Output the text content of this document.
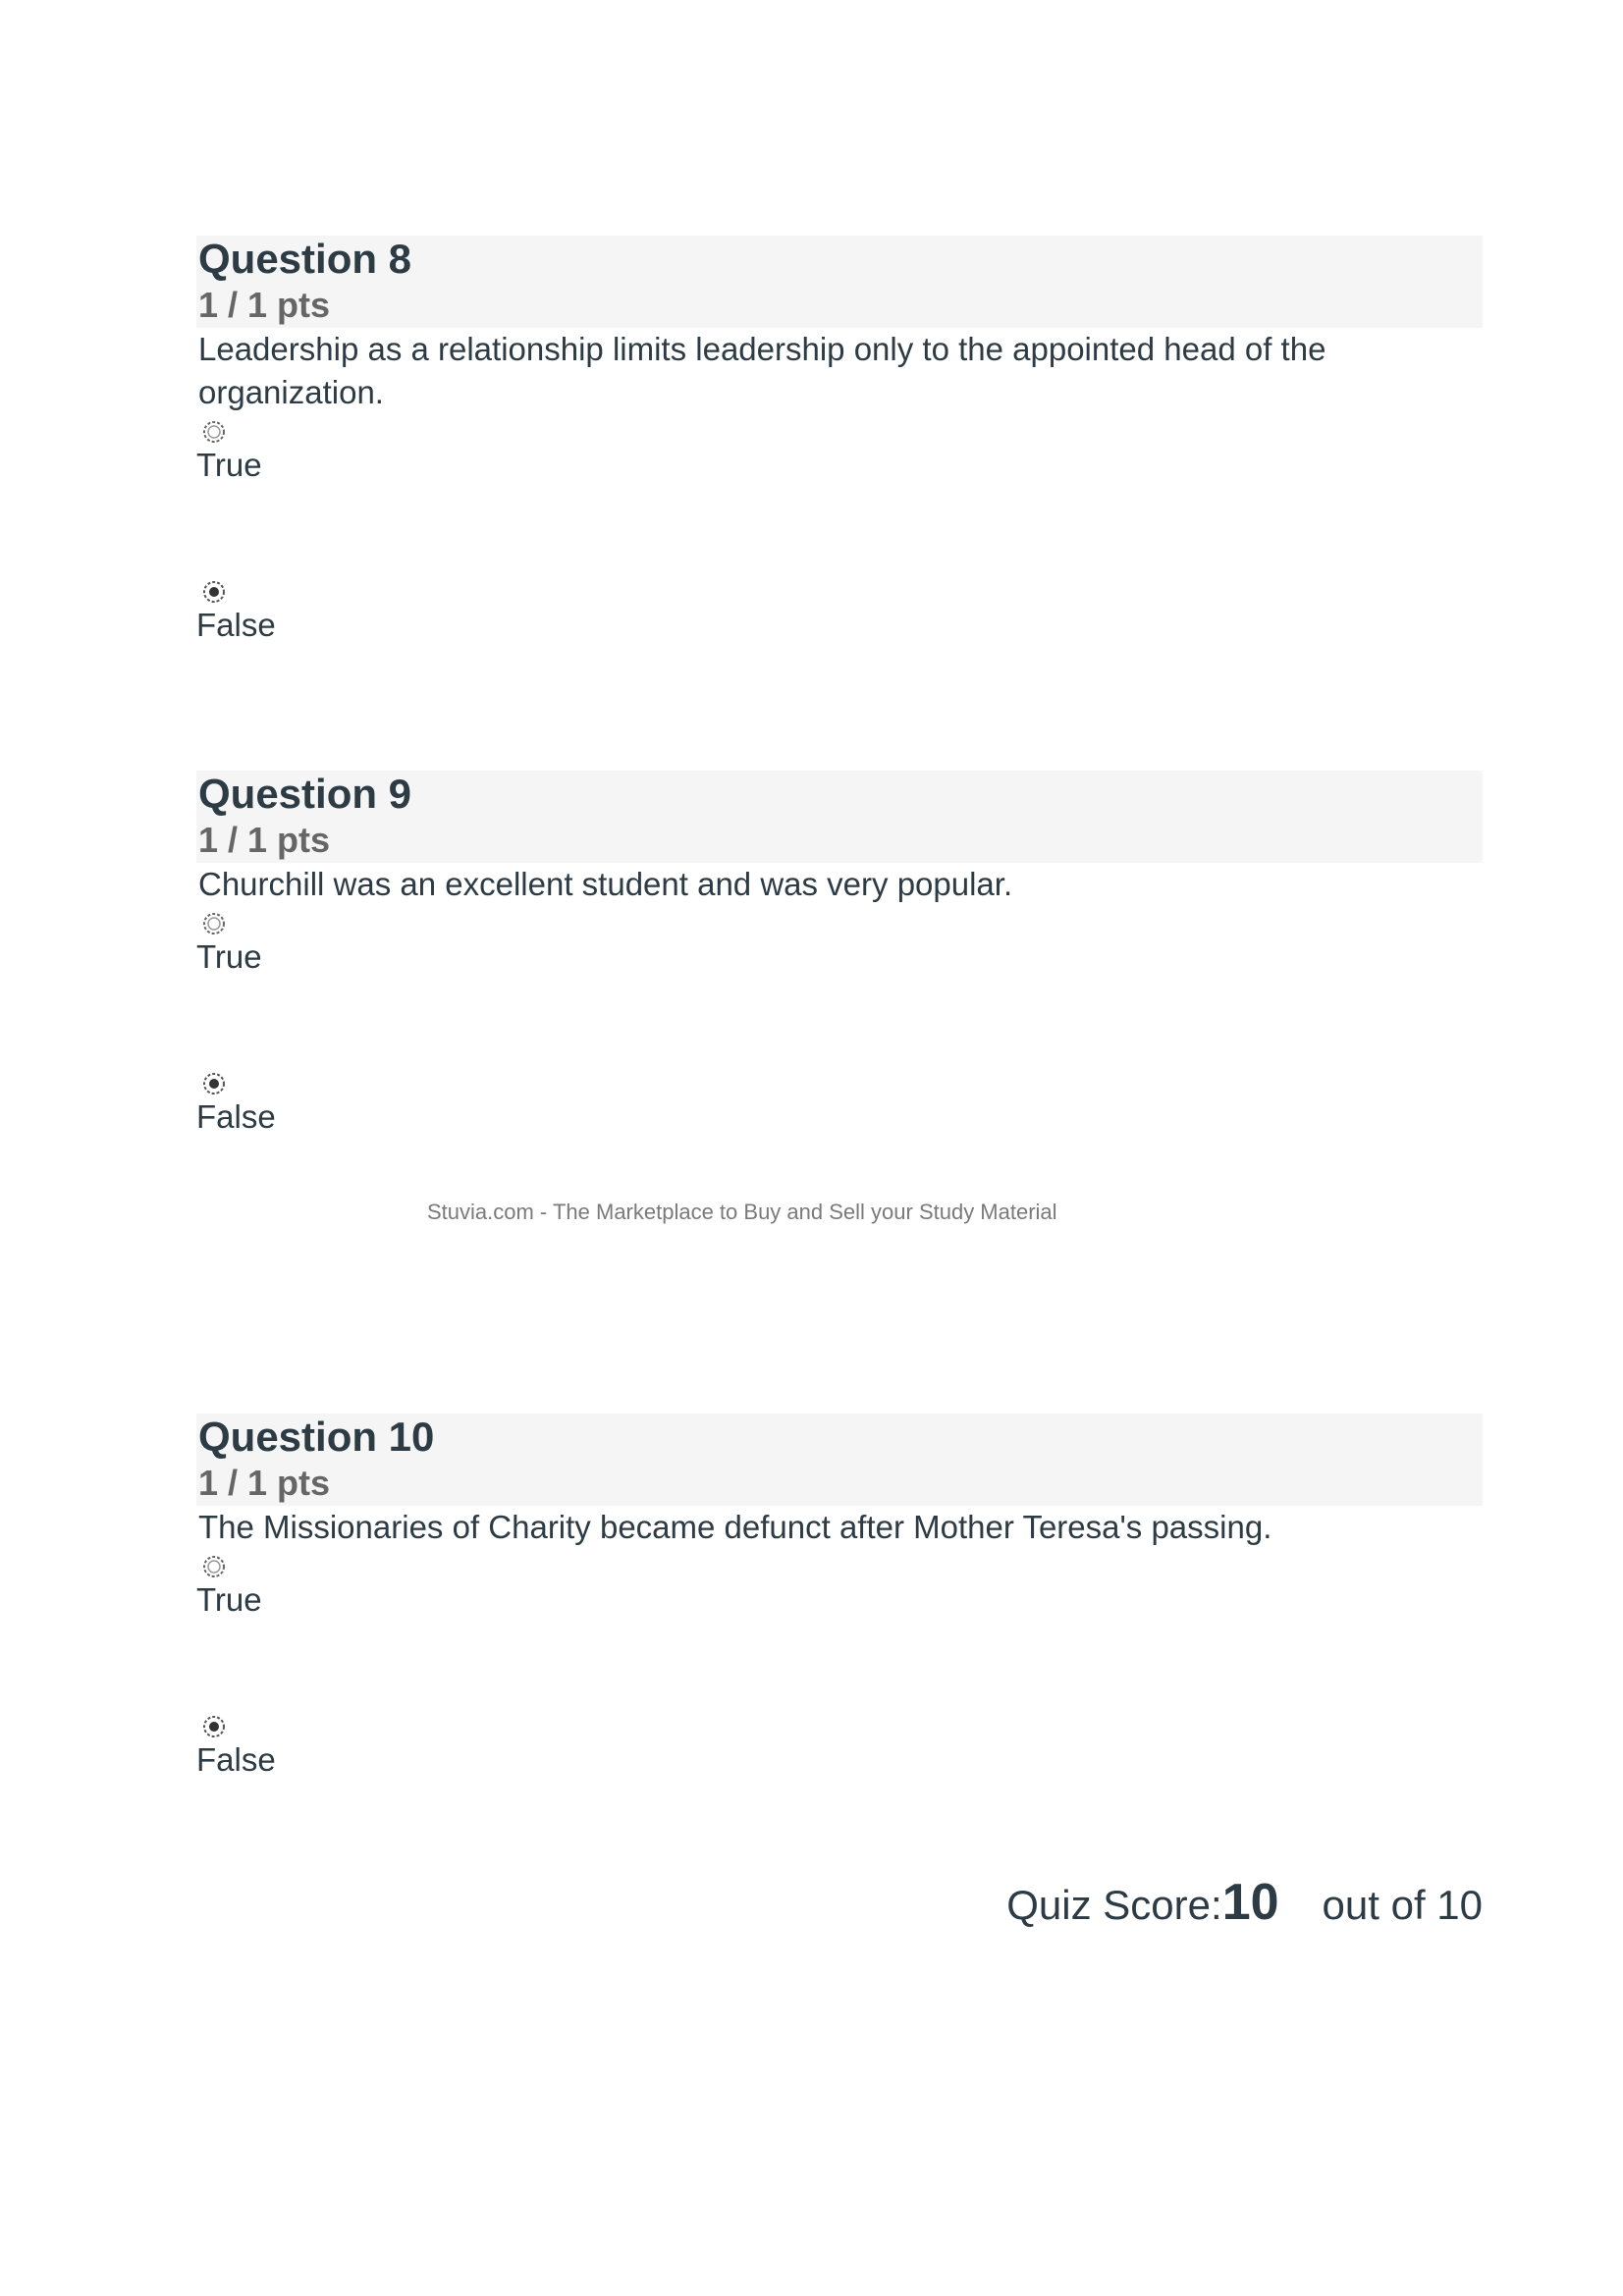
Question 8
1 / 1 pts
Leadership as a relationship limits leadership only to the appointed head of the organization.
True
False
Question 9
1 / 1 pts
Churchill was an excellent student and was very popular.
True
False
Stuvia.com - The Marketplace to Buy and Sell your Study Material
Question 10
1 / 1 pts
The Missionaries of Charity became defunct after Mother Teresa's passing.
True
False
Quiz Score:10 out of 10
